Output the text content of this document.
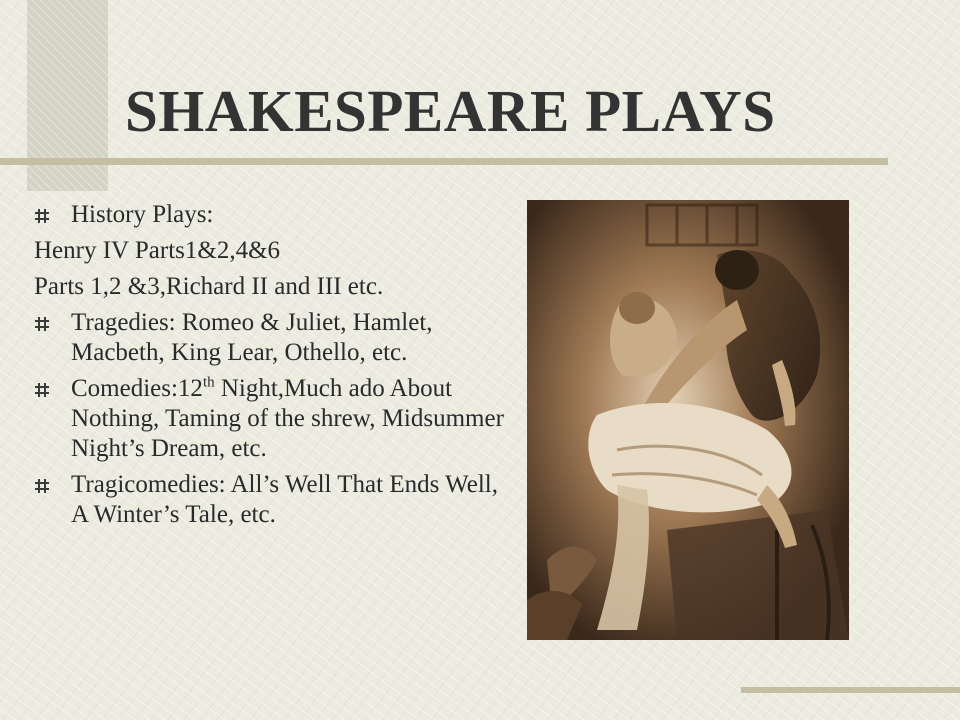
SHAKESPEARE PLAYS
History Plays:
Henry IV Parts1&2,4&6
Parts 1,2 &3,Richard II and III etc.
Tragedies: Romeo & Juliet, Hamlet, Macbeth, King Lear, Othello, etc.
Comedies:12th Night,Much ado About Nothing, Taming of the shrew, Midsummer Night’s Dream, etc.
Tragicomedies: All’s Well That Ends Well, A Winter’s Tale, etc.
